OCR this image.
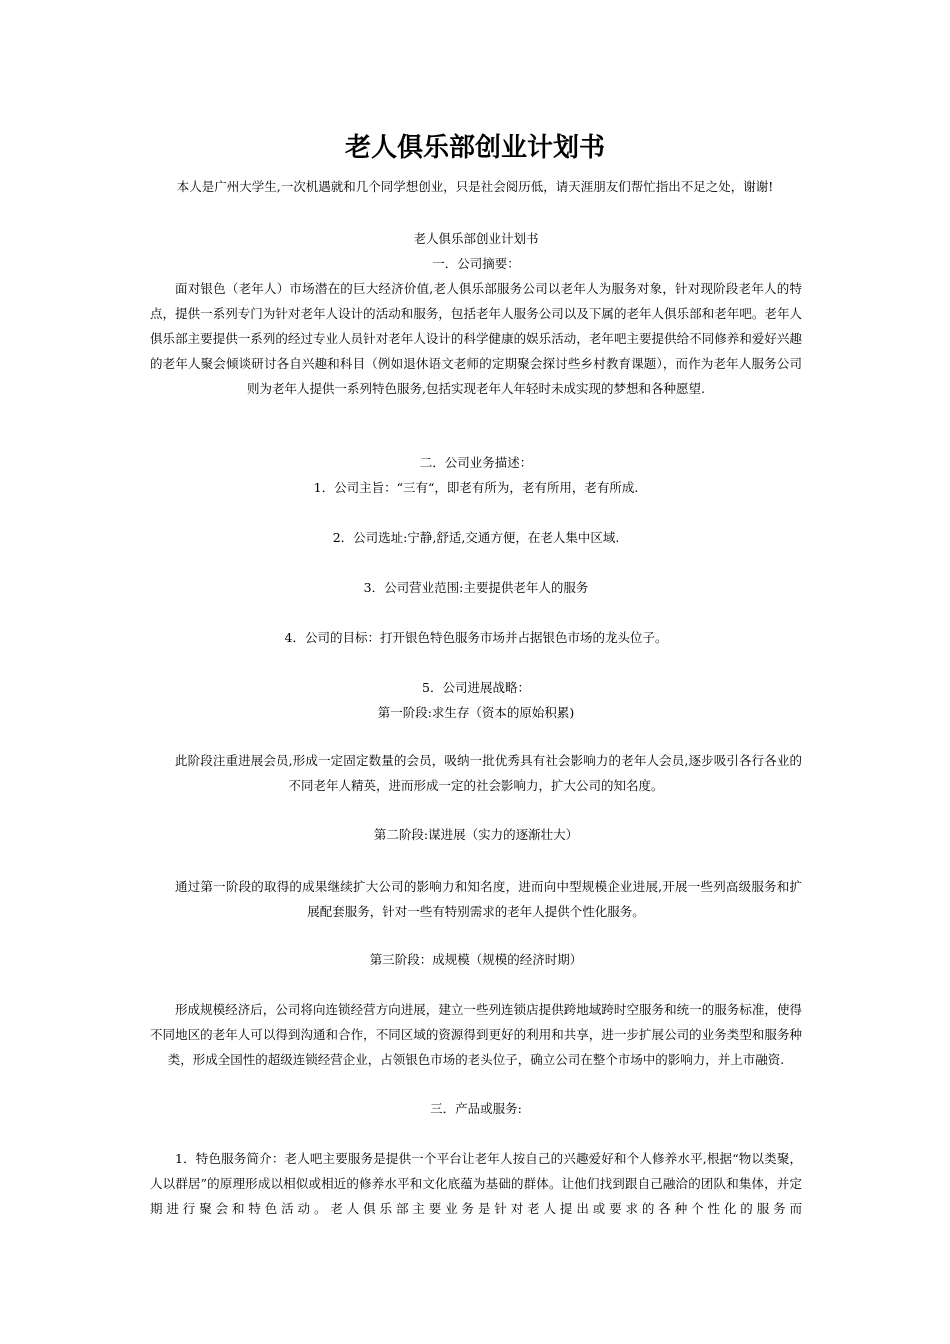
老人俱乐部创业计划书

本人是广州大学生,一次机遇就和几个同学想创业，只是社会阅历低，请天涯朋友们帮忙指出不足之处，谢谢!

老人俱乐部创业计划书

一．公司摘要：

面对银色（老年人）市场潜在的巨大经济价值,老人俱乐部服务公司以老年人为服务对象，针对现阶段老年人的特点，提供一系列专门为针对老年人设计的活动和服务，包括老年人服务公司以及下属的老年人俱乐部和老年吧。老年人俱乐部主要提供一系列的经过专业人员针对老年人设计的科学健康的娱乐活动，老年吧主要提供给不同修养和爱好兴趣的老年人聚会倾谈研讨各自兴趣和科目（例如退休语文老师的定期聚会探讨些乡村教育课题），而作为老年人服务公司则为老年人提供一系列特色服务,包括实现老年人年轻时未成实现的梦想和各种愿望.

二．公司业务描述：

1．公司主旨：“三有“，即老有所为，老有所用，老有所成.

2．公司选址:宁静,舒适,交通方便，在老人集中区域.

3．公司营业范围:主要提供老年人的服务

4．公司的目标：打开银色特色服务市场并占据银色市场的龙头位子。

5．公司进展战略：

第一阶段:求生存（资本的原始积累)

此阶段注重进展会员,形成一定固定数量的会员，吸纳一批优秀具有社会影响力的老年人会员,逐步吸引各行各业的不同老年人精英，进而形成一定的社会影响力，扩大公司的知名度。

第二阶段:谋进展（实力的逐渐壮大）

通过第一阶段的取得的成果继续扩大公司的影响力和知名度，进而向中型规模企业进展,开展一些列高级服务和扩展配套服务，针对一些有特别需求的老年人提供个性化服务。

第三阶段：成规模（规模的经济时期）

形成规模经济后，公司将向连锁经营方向进展，建立一些列连锁店提供跨地域跨时空服务和统一的服务标准，使得不同地区的老年人可以得到沟通和合作，不同区域的资源得到更好的利用和共享，进一步扩展公司的业务类型和服务种类，形成全国性的超级连锁经营企业，占领银色市场的老头位子，确立公司在整个市场中的影响力，并上市融资.

三．产品或服务:

1．特色服务简介：老人吧主要服务是提供一个平台让老年人按自己的兴趣爱好和个人修养水平,根据“物以类聚，人以群居”的原理形成以相似或相近的修养水平和文化底蕴为基础的群体。让他们找到跟自己融洽的团队和集体，并定期进行聚会和特色活动。老人俱乐部主要业务是针对老人提出或要求的各种个性化的服务而
